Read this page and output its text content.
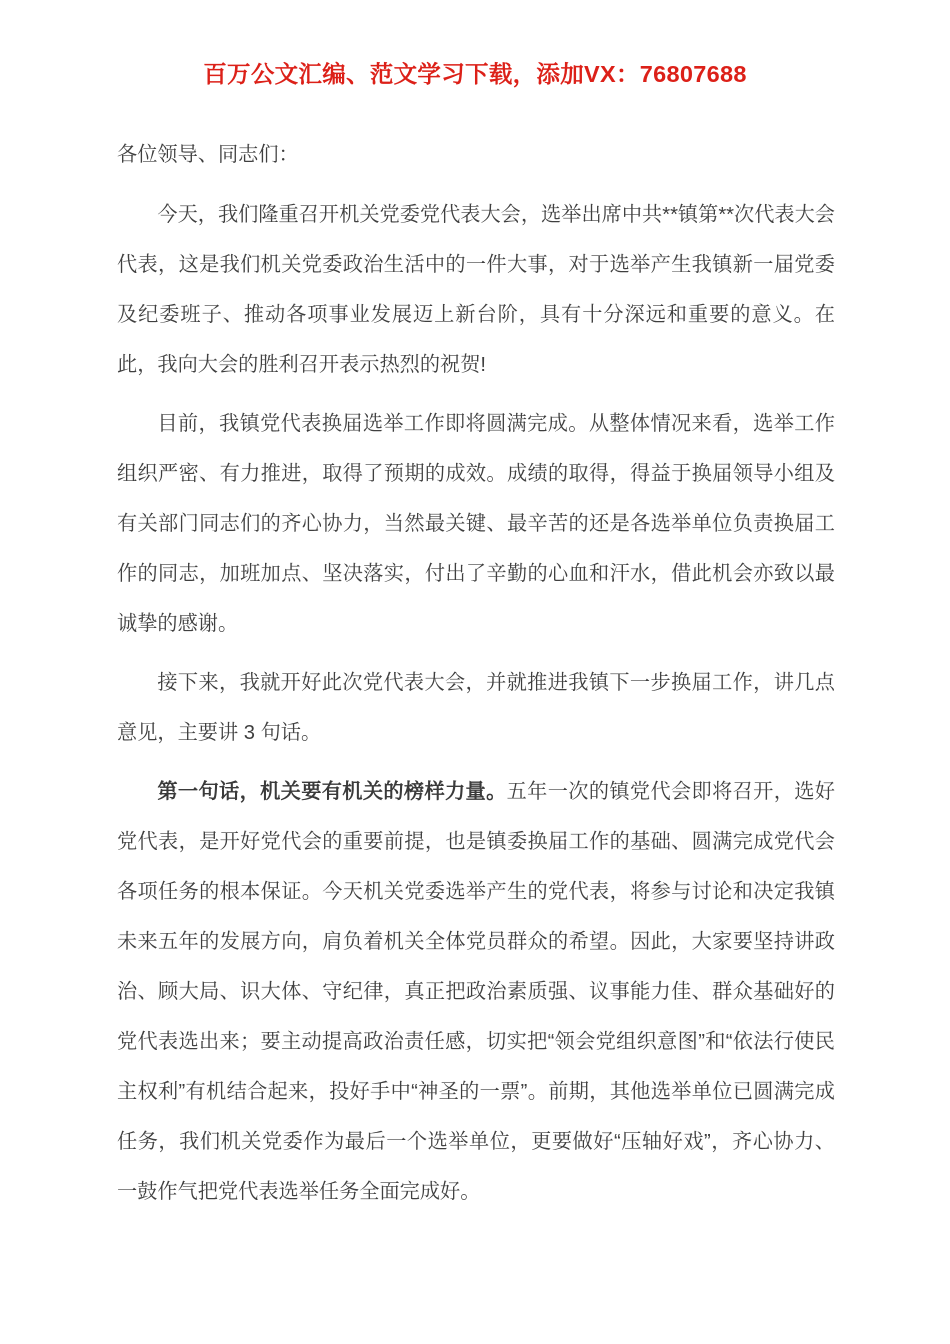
百万公文汇编、范文学习下载，添加VX：76807688

各位领导、同志们：

今天，我们隆重召开机关党委党代表大会，选举出席中共**镇第**次代表大会代表，这是我们机关党委政治生活中的一件大事，对于选举产生我镇新一届党委及纪委班子、推动各项事业发展迈上新台阶，具有十分深远和重要的意义。在此，我向大会的胜利召开表示热烈的祝贺!

目前，我镇党代表换届选举工作即将圆满完成。从整体情况来看，选举工作组织严密、有力推进，取得了预期的成效。成绩的取得，得益于换届领导小组及有关部门同志们的齐心协力，当然最关键、最辛苦的还是各选举单位负责换届工作的同志，加班加点、坚决落实，付出了辛勤的心血和汗水，借此机会亦致以最诚挚的感谢。

接下来，我就开好此次党代表大会，并就推进我镇下一步换届工作，讲几点意见，主要讲 3 句话。

第一句话，机关要有机关的榜样力量。五年一次的镇党代会即将召开，选好党代表，是开好党代会的重要前提，也是镇委换届工作的基础、圆满完成党代会各项任务的根本保证。今天机关党委选举产生的党代表，将参与讨论和决定我镇未来五年的发展方向，肩负着机关全体党员群众的希望。因此，大家要坚持讲政治、顾大局、识大体、守纪律，真正把政治素质强、议事能力佳、群众基础好的党代表选出来；要主动提高政治责任感，切实把“领会党组织意图”和“依法行使民主权利”有机结合起来，投好手中“神圣的一票”。前期，其他选举单位已圆满完成任务，我们机关党委作为最后一个选举单位，更要做好“压轴好戏”，齐心协力、一鼓作气把党代表选举任务全面完成好。
